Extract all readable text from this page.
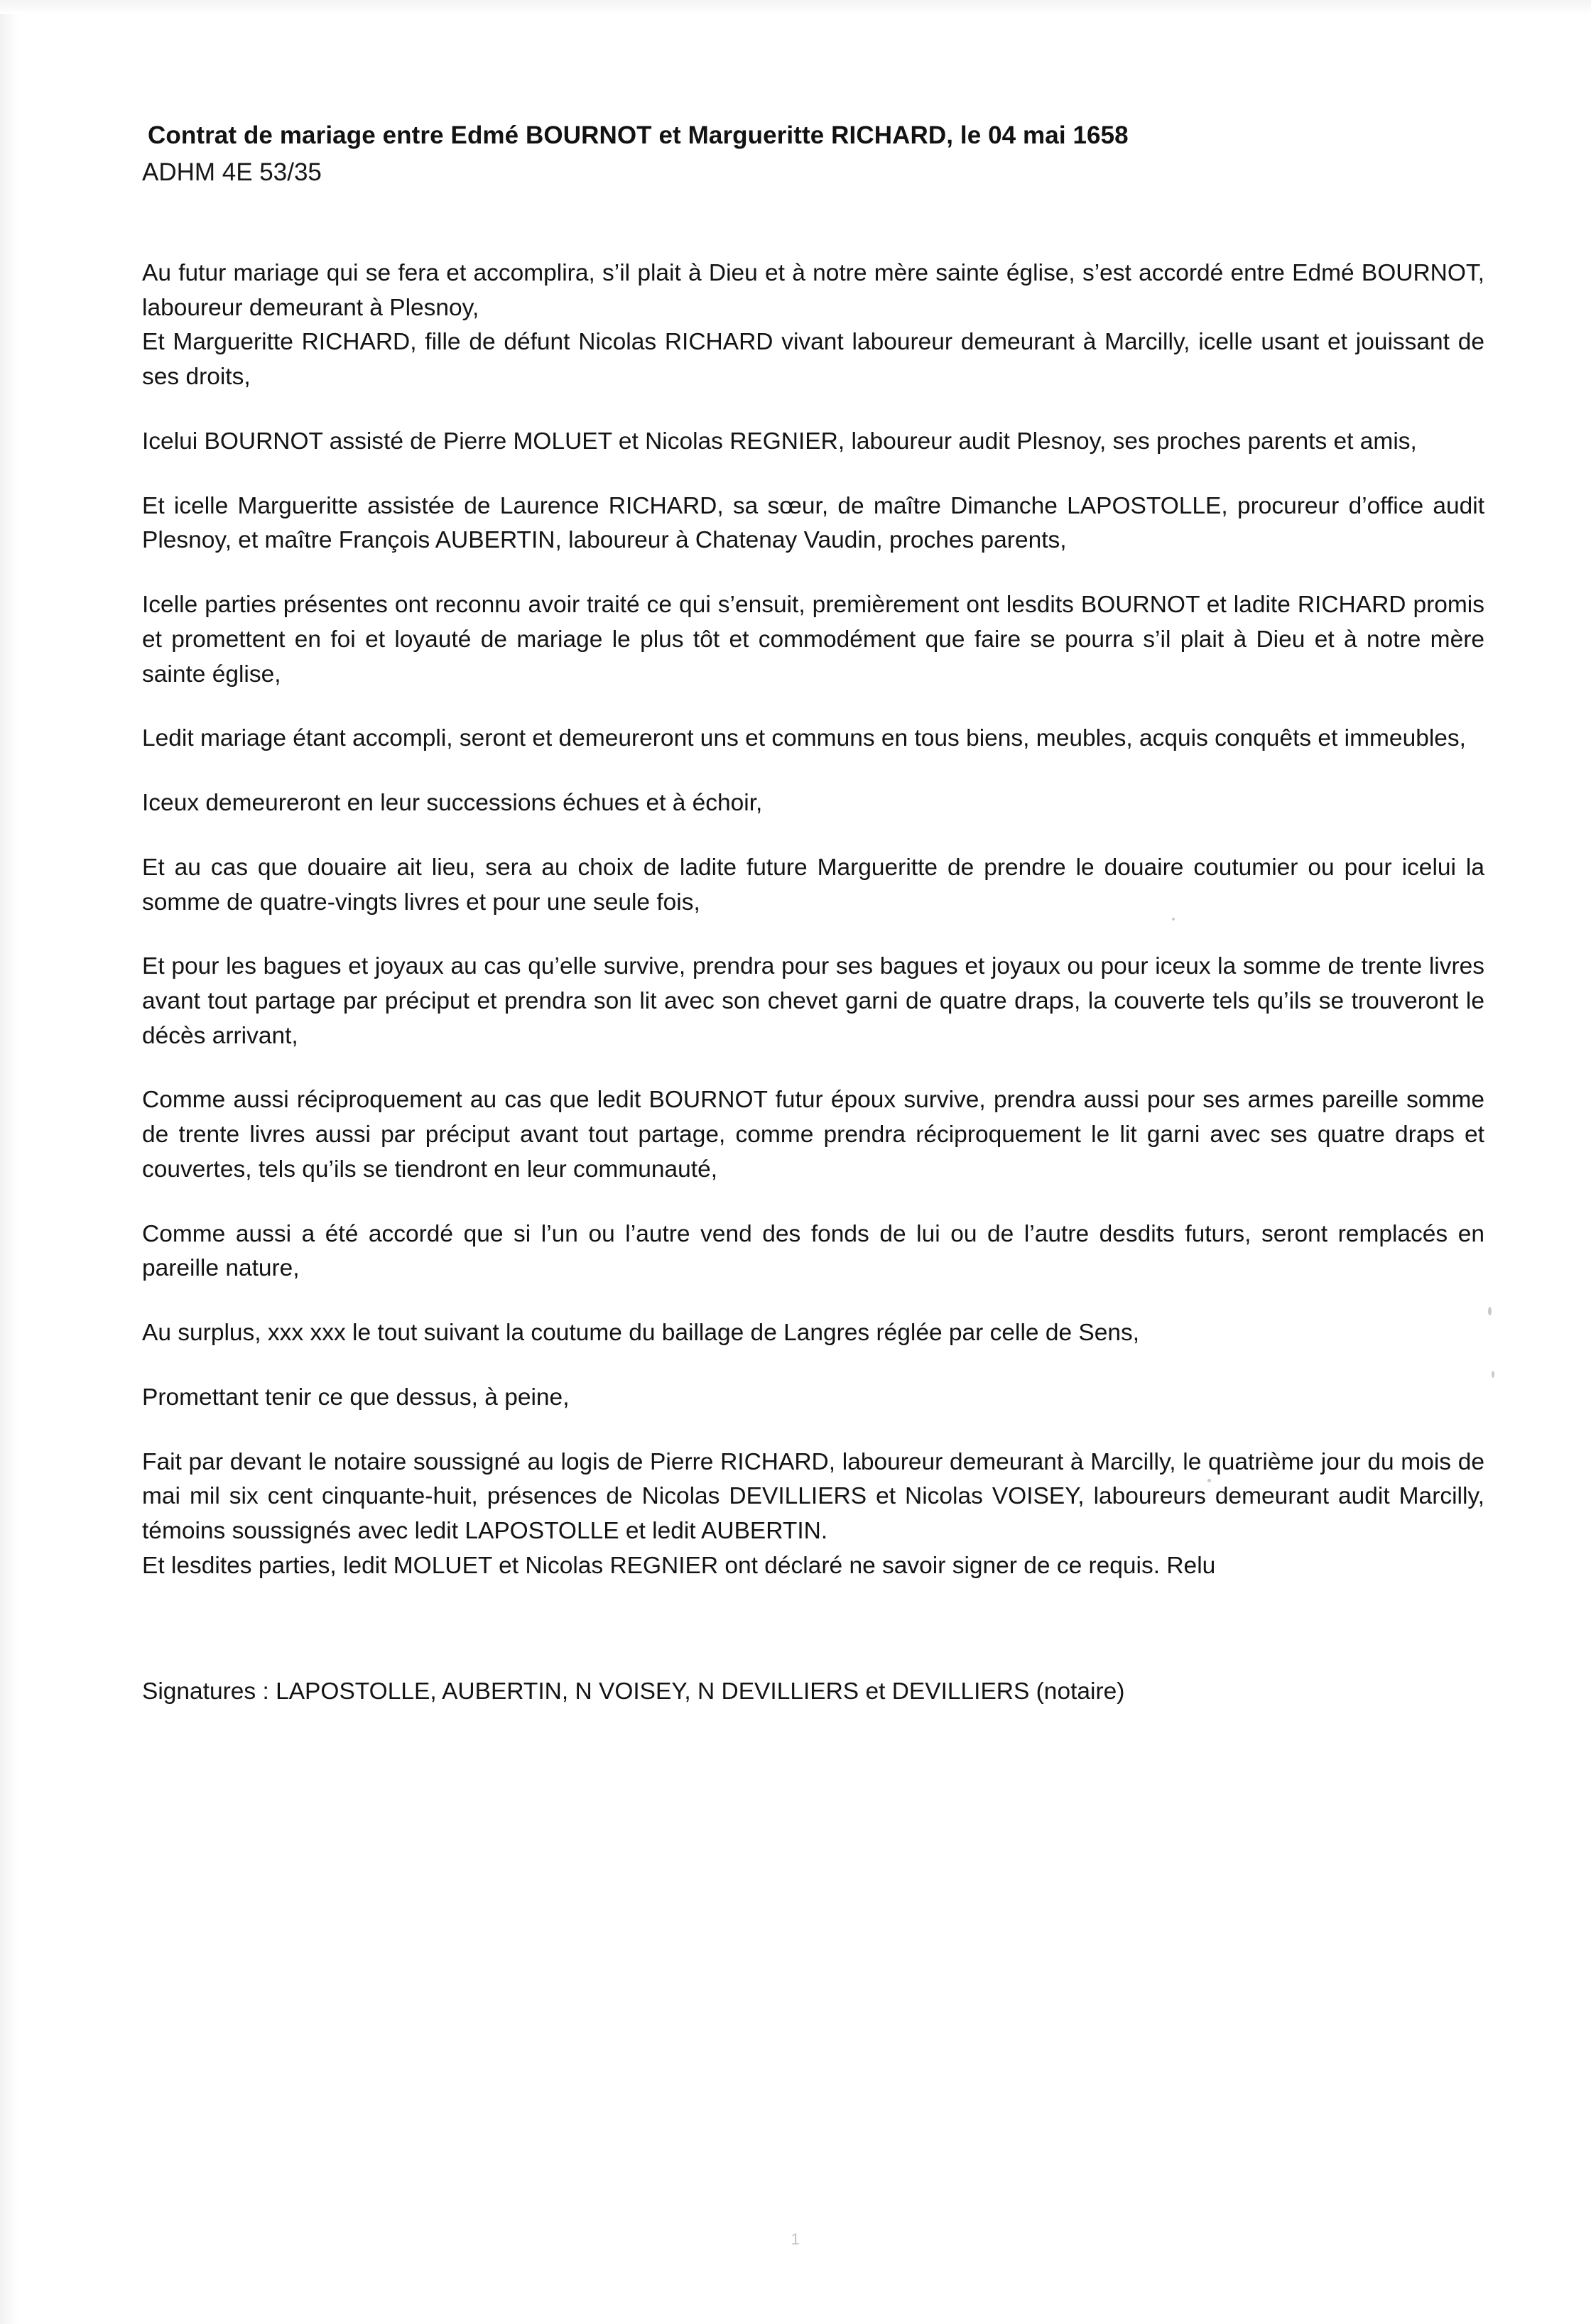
Contrat de mariage entre Edmé BOURNOT et Margueritte RICHARD, le 04 mai 1658
ADHM 4E 53/35

Au futur mariage qui se fera et accomplira, s’il plait à Dieu et à notre mère sainte église, s’est accordé entre Edmé BOURNOT, laboureur demeurant à Plesnoy,
Et Margueritte RICHARD, fille de défunt Nicolas RICHARD vivant laboureur demeurant à Marcilly, icelle usant et jouissant de ses droits,

Icelui BOURNOT assisté de Pierre MOLUET et Nicolas REGNIER, laboureur audit Plesnoy, ses proches parents et amis,

Et icelle Margueritte assistée de Laurence RICHARD, sa sœur, de maître Dimanche LAPOSTOLLE, procureur d’office audit Plesnoy, et maître François AUBERTIN, laboureur à Chatenay Vaudin, proches parents,

Icelle parties présentes ont reconnu avoir traité ce qui s’ensuit, premièrement ont lesdits BOURNOT et ladite RICHARD promis et promettent en foi et loyauté de mariage le plus tôt et commodément que faire se pourra s’il plait à Dieu et à notre mère sainte église,

Ledit mariage étant accompli, seront et demeureront uns et communs en tous biens, meubles, acquis conquêts et immeubles,

Iceux demeureront en leur successions échues et à échoir,

Et au cas que douaire ait lieu, sera au choix de ladite future Margueritte de prendre le douaire coutumier ou pour icelui la somme de quatre-vingts livres et pour une seule fois,

Et pour les bagues et joyaux au cas qu’elle survive, prendra pour ses bagues et joyaux ou pour iceux la somme de trente livres avant tout partage par préciput et prendra son lit avec son chevet garni de quatre draps, la couverte tels qu’ils se trouveront le décès arrivant,

Comme aussi réciproquement au cas que ledit BOURNOT futur époux survive, prendra aussi pour ses armes pareille somme de trente livres aussi par préciput avant tout partage, comme prendra réciproquement le lit garni avec ses quatre draps et couvertes, tels qu’ils se tiendront en leur communauté,

Comme aussi a été accordé que si l’un ou l’autre vend des fonds de lui ou de l’autre desdits futurs, seront remplacés en pareille nature,

Au surplus, xxx xxx le tout suivant la coutume du baillage de Langres réglée par celle de Sens,

Promettant tenir ce que dessus, à peine,

Fait par devant le notaire soussigné au logis de Pierre RICHARD, laboureur demeurant à Marcilly, le quatrième jour du mois de mai mil six cent cinquante-huit, présences de Nicolas DEVILLIERS et Nicolas VOISEY, laboureurs demeurant audit Marcilly, témoins soussignés avec ledit LAPOSTOLLE et ledit AUBERTIN.
Et lesdites parties, ledit MOLUET et Nicolas REGNIER ont déclaré ne savoir signer de ce requis. Relu

Signatures : LAPOSTOLLE, AUBERTIN, N VOISEY, N DEVILLIERS et DEVILLIERS (notaire)

1
